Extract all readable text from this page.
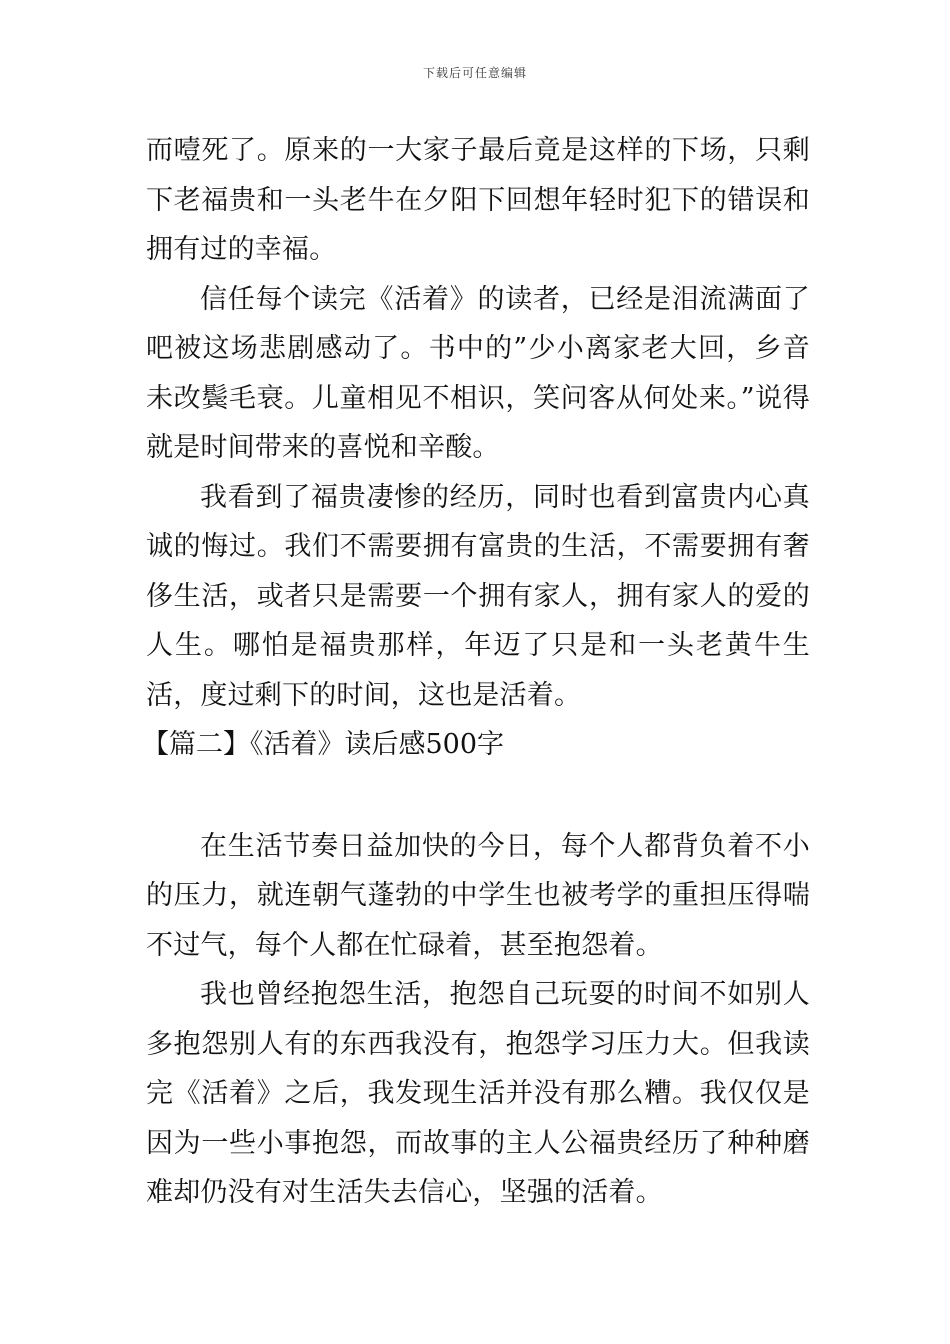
下载后可任意编辑

而噎死了。原来的一大家子最后竟是这样的下场，只剩下老福贵和一头老牛在夕阳下回想年轻时犯下的错误和拥有过的幸福。

信任每个读完《活着》的读者，已经是泪流满面了吧被这场悲剧感动了。书中的”少小离家老大回，乡音未改鬓毛衰。儿童相见不相识，笑问客从何处来。”说得就是时间带来的喜悦和辛酸。

我看到了福贵凄惨的经历，同时也看到富贵内心真诚的悔过。我们不需要拥有富贵的生活，不需要拥有奢侈生活，或者只是需要一个拥有家人，拥有家人的爱的人生。哪怕是福贵那样，年迈了只是和一头老黄牛生活，度过剩下的时间，这也是活着。

【篇二】《活着》读后感500字

在生活节奏日益加快的今日，每个人都背负着不小的压力，就连朝气蓬勃的中学生也被考学的重担压得喘不过气，每个人都在忙碌着，甚至抱怨着。

我也曾经抱怨生活，抱怨自己玩耍的时间不如别人多抱怨别人有的东西我没有，抱怨学习压力大。但我读完《活着》之后，我发现生活并没有那么糟。我仅仅是因为一些小事抱怨，而故事的主人公福贵经历了种种磨难却仍没有对生活失去信心，坚强的活着。
